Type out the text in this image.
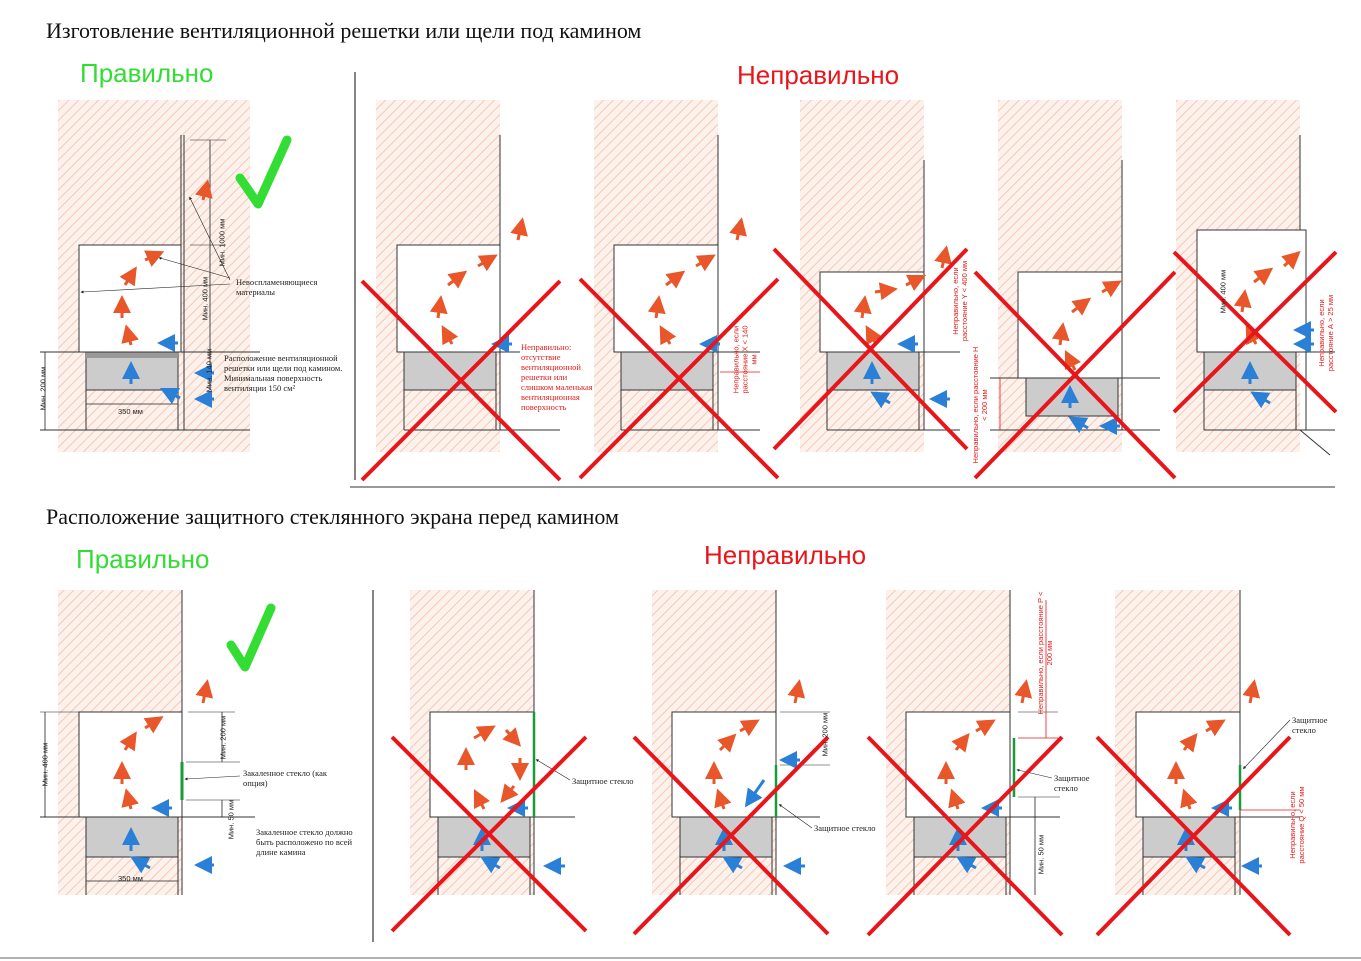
Изготовление вентиляционной решетки или щели под камином
Правильно	Неправильно
Расположение защитного стеклянного экрана перед камином
Правильно	Неправильно
Мин. 200 мм
350 мм
Мин. 1000 мм
Мин. 400 мм
Мин. 140 мм
Невоспламеняющиеся материалы
Расположение вентиляционной решетки или щели под камином. Минимальная поверхность вентиляции 150 см²
Неправильно: отсутствие вентиляционной решетки или слишком маленькая вентиляционная поверхность
Неправильно, если расстояние Х < 140 мм
Неправильно, если расстояние Y < 400 мм
Неправильно, если расстояние Н < 200 мм
Мин. 400 мм
Неправильно, если расстояние А > 25 мм
Мин. 400 мм
Мин. 200 мм
Мин. 50 мм
350 мм
Закаленное стекло (как опция)
Закаленное стекло должно быть расположено по всей длине камина
Защитное стекло
Мин. 200 мм
Защитное стекло
Неправильно, если расстояние Р < 200 мм
Защитное стекло
Мин. 50 мм
Защитное стекло
Неправильно, если расстояние Q < 50 мм
